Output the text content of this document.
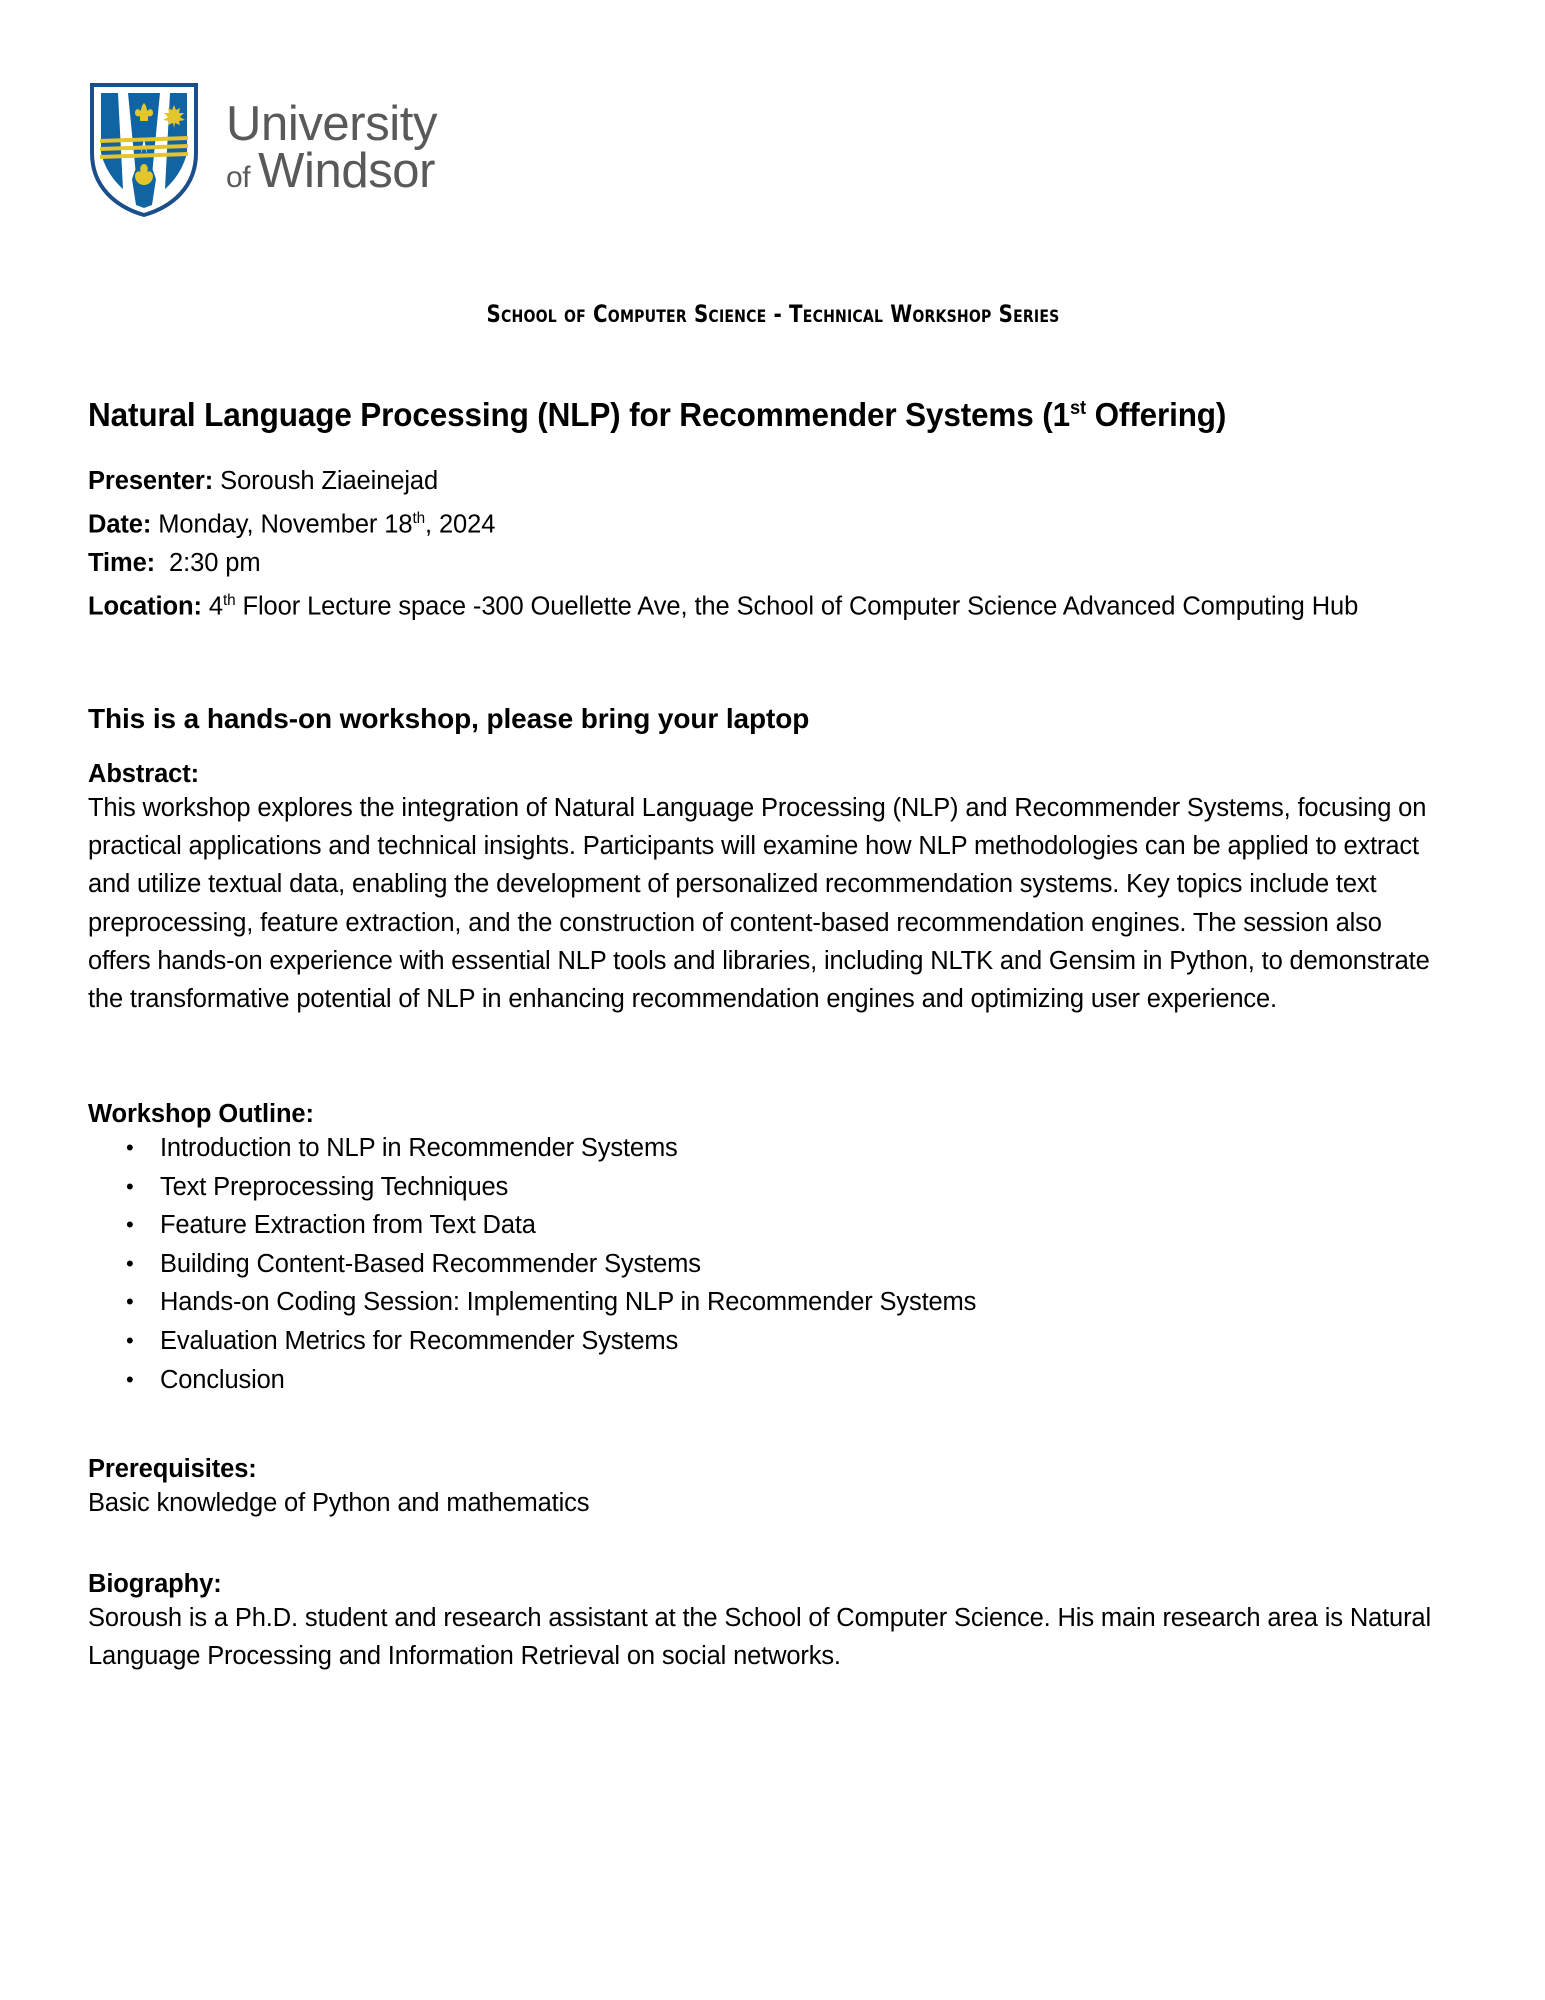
University
of Windsor
School of Computer Science - Technical Workshop Series
Natural Language Processing (NLP) for Recommender Systems (1st Offering)
Presenter: Soroush Ziaeinejad
Date: Monday, November 18th, 2024
Time: 2:30 pm
Location: 4th Floor Lecture space -300 Ouellette Ave, the School of Computer Science Advanced Computing Hub
This is a hands-on workshop, please bring your laptop
Abstract:
This workshop explores the integration of Natural Language Processing (NLP) and Recommender Systems, focusing on practical applications and technical insights. Participants will examine how NLP methodologies can be applied to extract and utilize textual data, enabling the development of personalized recommendation systems. Key topics include text preprocessing, feature extraction, and the construction of content-based recommendation engines. The session also offers hands-on experience with essential NLP tools and libraries, including NLTK and Gensim in Python, to demonstrate the transformative potential of NLP in enhancing recommendation engines and optimizing user experience.
Workshop Outline:
• Introduction to NLP in Recommender Systems
• Text Preprocessing Techniques
• Feature Extraction from Text Data
• Building Content-Based Recommender Systems
• Hands-on Coding Session: Implementing NLP in Recommender Systems
• Evaluation Metrics for Recommender Systems
• Conclusion
Prerequisites:
Basic knowledge of Python and mathematics
Biography:
Soroush is a Ph.D. student and research assistant at the School of Computer Science. His main research area is Natural Language Processing and Information Retrieval on social networks.
